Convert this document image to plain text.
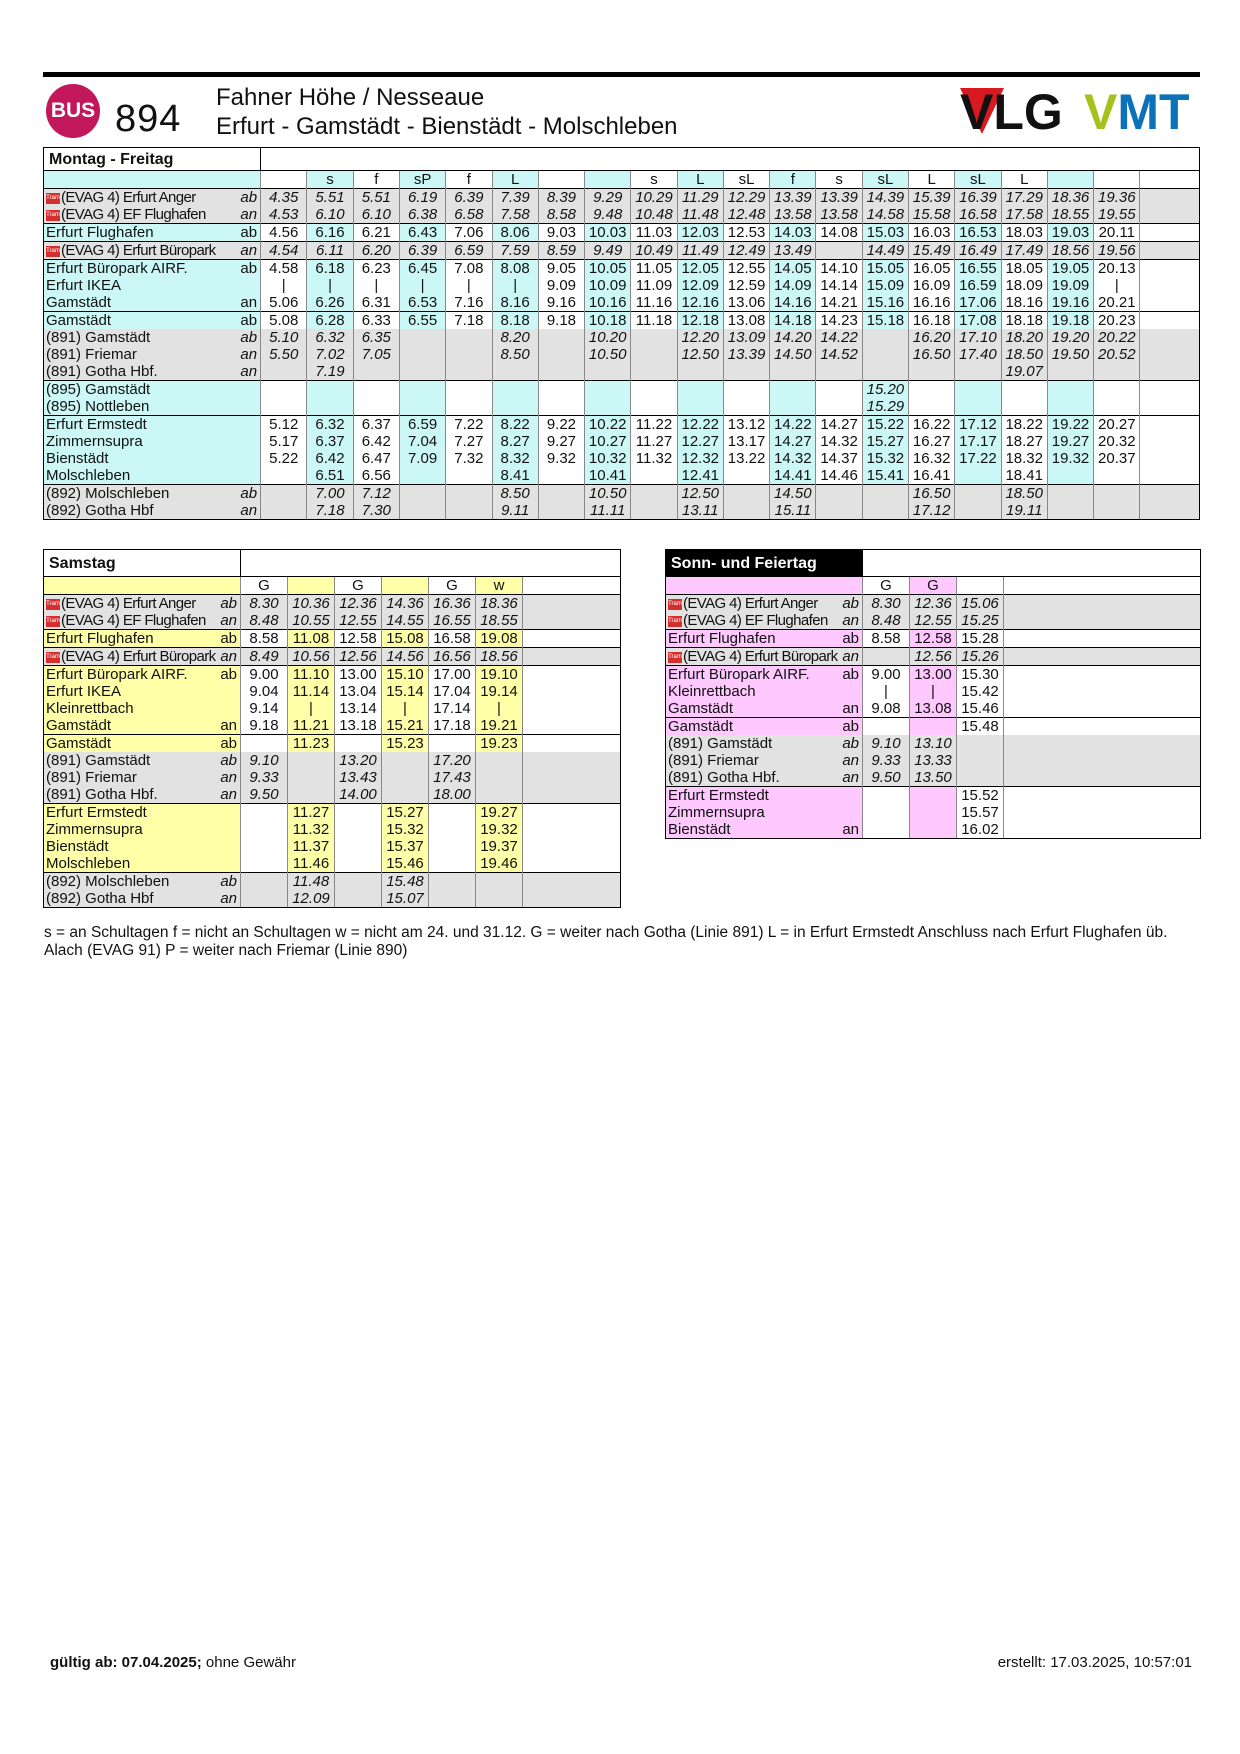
BUS 894
Fahner Höhe / Nesseaue
Erfurt - Gamstädt - Bienstädt - Molschleben	VLG VMT
Montag - Freitag																				
		s	f	sP	f	L			s	L	sL	f	s	sL	L	sL	L			
Tram(EVAG 4) Erfurt Anger ab	4.35	5.51	5.51	6.19	6.39	7.39	8.39	9.29	10.29	11.29	12.29	13.39	13.39	14.39	15.39	16.39	17.29	18.36	19.36	
Tram(EVAG 4) EF Flughafen an	4.53	6.10	6.10	6.38	6.58	7.58	8.58	9.48	10.48	11.48	12.48	13.58	13.58	14.58	15.58	16.58	17.58	18.55	19.55	
Erfurt Flughafen ab	4.56	6.16	6.21	6.43	7.06	8.06	9.03	10.03	11.03	12.03	12.53	14.03	14.08	15.03	16.03	16.53	18.03	19.03	20.11	
Tram(EVAG 4) Erfurt Büropark an	4.54	6.11	6.20	6.39	6.59	7.59	8.59	9.49	10.49	11.49	12.49	13.49		14.49	15.49	16.49	17.49	18.56	19.56	
Erfurt Büropark AIRF. ab	4.58	6.18	6.23	6.45	7.08	8.08	9.05	10.05	11.05	12.05	12.55	14.05	14.10	15.05	16.05	16.55	18.05	19.05	20.13	
Erfurt IKEA	|	|	|	|	|	|	9.09	10.09	11.09	12.09	12.59	14.09	14.14	15.09	16.09	16.59	18.09	19.09	|	
Gamstädt an	5.06	6.26	6.31	6.53	7.16	8.16	9.16	10.16	11.16	12.16	13.06	14.16	14.21	15.16	16.16	17.06	18.16	19.16	20.21	
Gamstädt ab	5.08	6.28	6.33	6.55	7.18	8.18	9.18	10.18	11.18	12.18	13.08	14.18	14.23	15.18	16.18	17.08	18.18	19.18	20.23	
(891) Gamstädt ab	5.10	6.32	6.35			8.20		10.20		12.20	13.09	14.20	14.22		16.20	17.10	18.20	19.20	20.22	
(891) Friemar an	5.50	7.02	7.05			8.50		10.50		12.50	13.39	14.50	14.52		16.50	17.40	18.50	19.50	20.52	
(891) Gotha Hbf. an		7.19															19.07			
(895) Gamstädt														15.20						
(895) Nottleben														15.29						
Erfurt Ermstedt	5.12	6.32	6.37	6.59	7.22	8.22	9.22	10.22	11.22	12.22	13.12	14.22	14.27	15.22	16.22	17.12	18.22	19.22	20.27	
Zimmernsupra	5.17	6.37	6.42	7.04	7.27	8.27	9.27	10.27	11.27	12.27	13.17	14.27	14.32	15.27	16.27	17.17	18.27	19.27	20.32	
Bienstädt	5.22	6.42	6.47	7.09	7.32	8.32	9.32	10.32	11.32	12.32	13.22	14.32	14.37	15.32	16.32	17.22	18.32	19.32	20.37	
Molschleben		6.51	6.56			8.41		10.41		12.41		14.41	14.46	15.41	16.41		18.41			
(892) Molschleben ab		7.00	7.12			8.50		10.50		12.50		14.50			16.50		18.50			
(892) Gotha Hbf an		7.18	7.30			9.11		11.11		13.11		15.11			17.12		19.11			
Samstag							
	G		G		G	w	
Tram(EVAG 4) Erfurt Anger ab	8.30	10.36	12.36	14.36	16.36	18.36	
Tram(EVAG 4) EF Flughafen an	8.48	10.55	12.55	14.55	16.55	18.55	
Erfurt Flughafen ab	8.58	11.08	12.58	15.08	16.58	19.08	
Tram(EVAG 4) Erfurt Büropark an	8.49	10.56	12.56	14.56	16.56	18.56	
Erfurt Büropark AIRF. ab	9.00	11.10	13.00	15.10	17.00	19.10	
Erfurt IKEA	9.04	11.14	13.04	15.14	17.04	19.14	
Kleinrettbach	9.14	|	13.14	|	17.14	|	
Gamstädt an	9.18	11.21	13.18	15.21	17.18	19.21	
Gamstädt ab		11.23		15.23		19.23	
(891) Gamstädt ab	9.10		13.20		17.20		
(891) Friemar an	9.33		13.43		17.43		
(891) Gotha Hbf. an	9.50		14.00		18.00		
Erfurt Ermstedt		11.27		15.27		19.27	
Zimmernsupra		11.32		15.32		19.32	
Bienstädt		11.37		15.37		19.37	
Molschleben		11.46		15.46		19.46	
(892) Molschleben ab		11.48		15.48			
(892) Gotha Hbf an		12.09		15.07			
Sonn- und Feiertag				
	G	G		
Tram(EVAG 4) Erfurt Anger ab	8.30	12.36	15.06	
Tram(EVAG 4) EF Flughafen an	8.48	12.55	15.25	
Erfurt Flughafen ab	8.58	12.58	15.28	
Tram(EVAG 4) Erfurt Büropark an		12.56	15.26	
Erfurt Büropark AIRF. ab	9.00	13.00	15.30	
Kleinrettbach	|	|	15.42	
Gamstädt an	9.08	13.08	15.46	
Gamstädt ab			15.48	
(891) Gamstädt ab	9.10	13.10		
(891) Friemar an	9.33	13.33		
(891) Gotha Hbf. an	9.50	13.50		
Erfurt Ermstedt			15.52	
Zimmernsupra			15.57	
Bienstädt an			16.02	
s = an Schultagen f = nicht an Schultagen w = nicht am 24. und 31.12. G = weiter nach Gotha (Linie 891) L = in Erfurt Ermstedt Anschluss nach Erfurt Flughafen üb. Alach (EVAG 91) P = weiter nach Friemar (Linie 890)
gültig ab: 07.04.2025; ohne Gewähr	erstellt: 17.03.2025, 10:57:01
